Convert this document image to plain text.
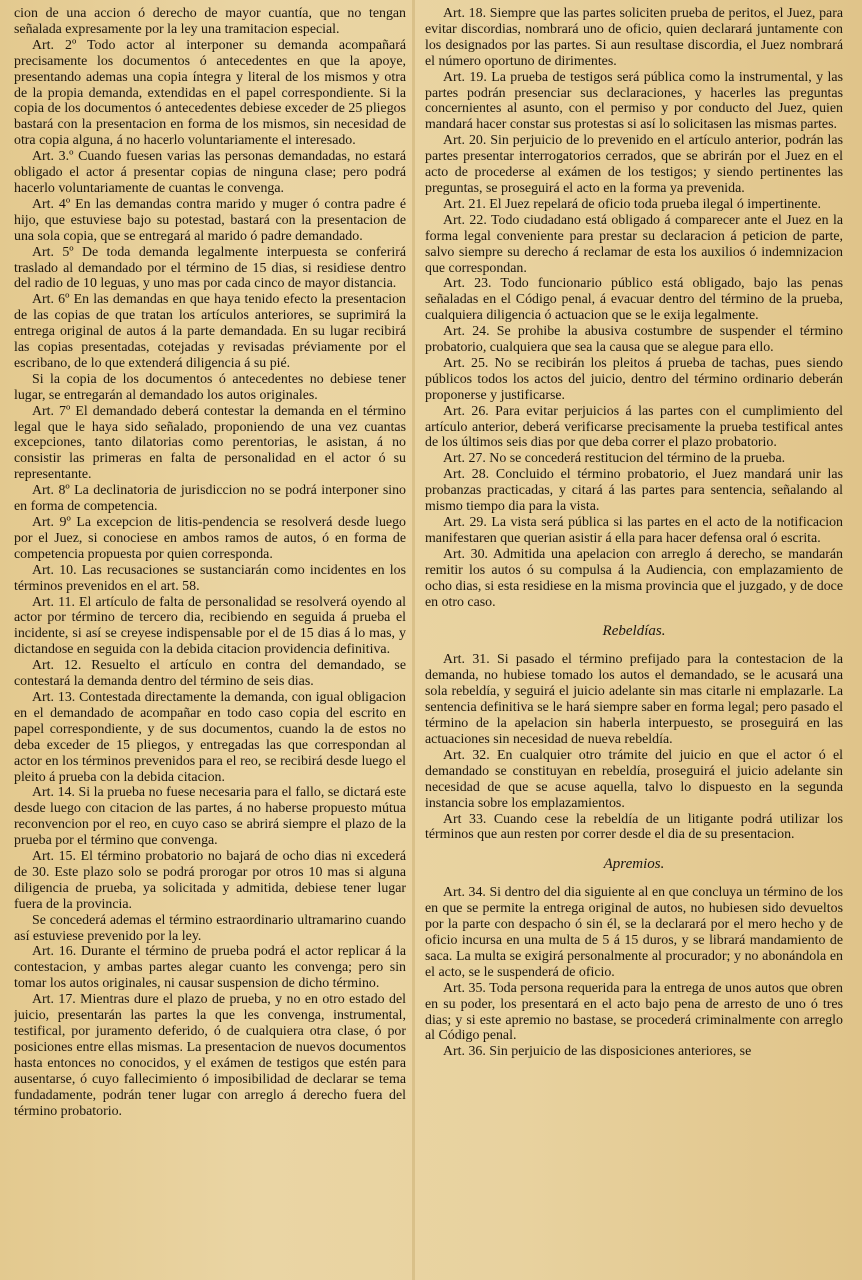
cion de una accion ó derecho de mayor cuantía, que no tengan señalada expresamente por la ley una tramitacion especial.

Art. 2º Todo actor al interponer su demanda acompañará precisamente los documentos ó antecedentes en que la apoye, presentando ademas una copia íntegra y literal de los mismos y otra de la propia demanda, extendidas en el papel correspondiente. Si la copia de los documentos ó antecedentes debiese exceder de 25 pliegos bastará con la presentacion en forma de los mismos, sin necesidad de otra copia alguna, á no hacerlo voluntariamente el interesado.

Art. 3.º Cuando fuesen varias las personas demandadas, no estará obligado el actor á presentar copias de ninguna clase; pero podrá hacerlo voluntariamente de cuantas le convenga.

Art. 4º En las demandas contra marido y muger ó contra padre é hijo, que estuviese bajo su potestad, bastará con la presentacion de una sola copia, que se entregará al marido ó padre demandado.

Art. 5º De toda demanda legalmente interpuesta se conferirá traslado al demandado por el término de 15 dias, si residiese dentro del radio de 10 leguas, y uno mas por cada cinco de mayor distancia.

Art. 6º En las demandas en que haya tenido efecto la presentacion de las copias de que tratan los artículos anteriores, se suprimirá la entrega original de autos á la parte demandada. En su lugar recibirá las copias presentadas, cotejadas y revisadas préviamente por el escribano, de lo que extenderá diligencia á su pié.

Si la copia de los documentos ó antecedentes no debiese tener lugar, se entregarán al demandado los autos originales.

Art. 7º El demandado deberá contestar la demanda en el término legal que le haya sido señalado, proponiendo de una vez cuantas excepciones, tanto dilatorias como perentorias, le asistan, á no consistir las primeras en falta de personalidad en el actor ó su representante.

Art. 8º La declinatoria de jurisdiccion no se podrá interponer sino en forma de competencia.

Art. 9º La excepcion de litis-pendencia se resolverá desde luego por el Juez, si conociese en ambos ramos de autos, ó en forma de competencia propuesta por quien corresponda.

Art. 10. Las recusaciones se sustanciarán como incidentes en los términos prevenidos en el art. 58.

Art. 11. El artículo de falta de personalidad se resolverá oyendo al actor por término de tercero dia, recibiendo en seguida á prueba el incidente, si así se creyese indispensable por el de 15 dias á lo mas, y dictandose en seguida con la debida citacion providencia definitiva.

Art. 12. Resuelto el artículo en contra del demandado, se contestará la demanda dentro del término de seis dias.

Art. 13. Contestada directamente la demanda, con igual obligacion en el demandado de acompañar en todo caso copia del escrito en papel correspondiente, y de sus documentos, cuando la de estos no deba exceder de 15 pliegos, y entregadas las que correspondan al actor en los términos prevenidos para el reo, se recibirá desde luego el pleito á prueba con la debida citacion.

Art. 14. Si la prueba no fuese necesaria para el fallo, se dictará este desde luego con citacion de las partes, á no haberse propuesto mútua reconvencion por el reo, en cuyo caso se abrirá siempre el plazo de la prueba por el término que convenga.

Art. 15. El término probatorio no bajará de ocho dias ni excederá de 30. Este plazo solo se podrá prorogar por otros 10 mas si alguna diligencia de prueba, ya solicitada y admitida, debiese tener lugar fuera de la provincia.

Se concederá ademas el término estraordinario ultramarino cuando así estuviese prevenido por la ley.

Art. 16. Durante el término de prueba podrá el actor replicar á la contestacion, y ambas partes alegar cuanto les convenga; pero sin tomar los autos originales, ni causar suspension de dicho término.

Art. 17. Mientras dure el plazo de prueba, y no en otro estado del juicio, presentarán las partes la que les convenga, instrumental, testifical, por juramento deferido, ó de cualquiera otra clase, ó por posiciones entre ellas mismas. La presentacion de nuevos documentos hasta entonces no conocidos, y el exámen de testigos que estén para ausentarse, ó cuyo fallecimiento ó imposibilidad de declarar se tema fundadamente, podrán tener lugar con arreglo á derecho fuera del término probatorio.

Art. 18. Siempre que las partes soliciten prueba de peritos, el Juez, para evitar discordias, nombrará uno de oficio, quien declarará juntamente con los designados por las partes. Si aun resultase discordia, el Juez nombrará el número oportuno de dirimentes.

Art. 19. La prueba de testigos será pública como la instrumental, y las partes podrán presenciar sus declaraciones, y hacerles las preguntas concernientes al asunto, con el permiso y por conducto del Juez, quien mandará hacer constar sus protestas si así lo solicitasen las mismas partes.

Art. 20. Sin perjuicio de lo prevenido en el artículo anterior, podrán las partes presentar interrogatorios cerrados, que se abrirán por el Juez en el acto de procederse al exámen de los testigos; y siendo pertinentes las preguntas, se proseguirá el acto en la forma ya prevenida.

Art. 21. El Juez repelará de oficio toda prueba ilegal ó impertinente.

Art. 22. Todo ciudadano está obligado á comparecer ante el Juez en la forma legal conveniente para prestar su declaracion á peticion de parte, salvo siempre su derecho á reclamar de esta los auxilios ó indemnizacion que correspondan.

Art. 23. Todo funcionario público está obligado, bajo las penas señaladas en el Código penal, á evacuar dentro del término de la prueba, cualquiera diligencia ó actuacion que se le exija legalmente.

Art. 24. Se prohibe la abusiva costumbre de suspender el término probatorio, cualquiera que sea la causa que se alegue para ello.

Art. 25. No se recibirán los pleitos á prueba de tachas, pues siendo públicos todos los actos del juicio, dentro del término ordinario deberán proponerse y justificarse.

Art. 26. Para evitar perjuicios á las partes con el cumplimiento del artículo anterior, deberá verificarse precisamente la prueba testifical antes de los últimos seis dias por que deba correr el plazo probatorio.

Art. 27. No se concederá restitucion del término de la prueba.

Art. 28. Concluido el término probatorio, el Juez mandará unir las probanzas practicadas, y citará á las partes para sentencia, señalando al mismo tiempo dia para la vista.

Art. 29. La vista será pública si las partes en el acto de la notificacion manifestaren que querian asistir á ella para hacer defensa oral ó escrita.

Art. 30. Admitida una apelacion con arreglo á derecho, se mandarán remitir los autos ó su compulsa á la Audiencia, con emplazamiento de ocho dias, si esta residiese en la misma provincia que el juzgado, y de doce en otro caso.

Rebeldías.

Art. 31. Si pasado el término prefijado para la contestacion de la demanda, no hubiese tomado los autos el demandado, se le acusará una sola rebeldía, y seguirá el juicio adelante sin mas citarle ni emplazarle. La sentencia definitiva se le hará siempre saber en forma legal; pero pasado el término de la apelacion sin haberla interpuesto, se proseguirá en las actuaciones sin necesidad de nueva rebeldía.

Art. 32. En cualquier otro trámite del juicio en que el actor ó el demandado se constituyan en rebeldía, proseguirá el juicio adelante sin necesidad de que se acuse aquella, talvo lo dispuesto en la segunda instancia sobre los emplazamientos.

Art 33. Cuando cese la rebeldía de un litigante podrá utilizar los términos que aun resten por correr desde el dia de su presentacion.

Apremios.

Art. 34. Si dentro del dia siguiente al en que concluya un término de los en que se permite la entrega original de autos, no hubiesen sido devueltos por la parte con despacho ó sin él, se la declarará por el mero hecho y de oficio incursa en una multa de 5 á 15 duros, y se librará mandamiento de saca. La multa se exigirá personalmente al procurador; y no abonándola en el acto, se le suspenderá de oficio.

Art. 35. Toda persona requerida para la entrega de unos autos que obren en su poder, los presentará en el acto bajo pena de arresto de uno ó tres dias; y si este apremio no bastase, se procederá criminalmente con arreglo al Código penal.

Art. 36. Sin perjuicio de las disposiciones anteriores, se
